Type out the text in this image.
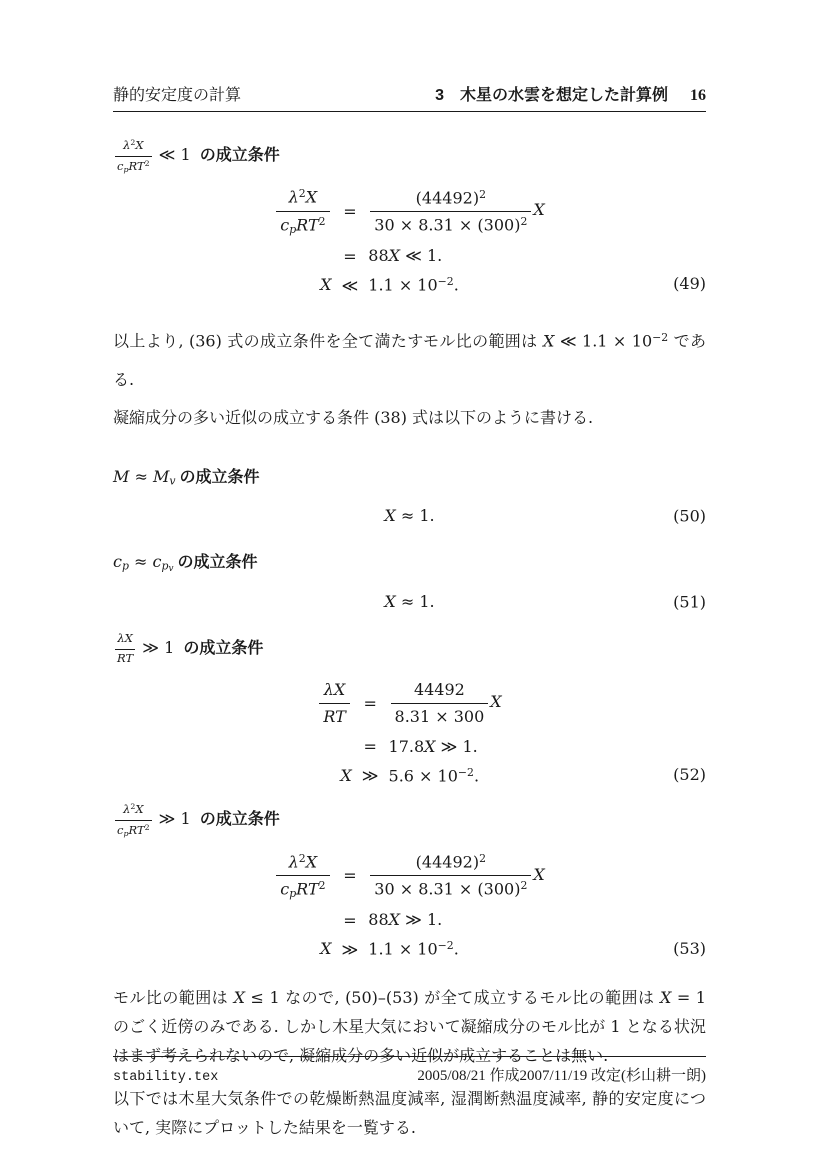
静的安定度の計算	3　木星の水雲を想定した計算例 16
$\frac{\lambda^2X}{c_pRT^2}$ ≪ 1 の成立条件
$\frac{\lambda^2X}{c_pRT^2} = \frac{(44492)^2}{30 \times 8.31 \times (300)^2}$ X
= 88X ≪ 1.
X ≪ $1.1 \times 10^{-2}$.	(49)
以上より, (36) 式の成立条件を全て満たすモル比の範囲は X ≪ $1.1 \times 10^{-2}$ である.
凝縮成分の多い近似の成立する条件 (38) 式は以下のように書ける.
$M \approx M_v$ の成立条件
X ≈ 1.	(50)
$c_p \approx c_{pv}$ の成立条件
X ≈ 1.	(51)
$\frac{\lambda X}{RT}$ ≫ 1 の成立条件
$\frac{\lambda X}{RT} = \frac{44492}{8.31 \times 300}$ X
= 17.8X ≫ 1.
X ≫ $5.6 \times 10^{-2}$.	(52)
$\frac{\lambda^2X}{c_pRT^2}$ ≫ 1 の成立条件
$\frac{\lambda^2X}{c_pRT^2} = \frac{(44492)^2}{30 \times 8.31 \times (300)^2}$ X
= 88X ≫ 1.
X ≫ $1.1 \times 10^{-2}$.	(53)
モル比の範囲は X ≤ 1 なので, (50)–(53) が全て成立するモル比の範囲は X = 1 のごく近傍のみである. しかし木星大気において凝縮成分のモル比が 1 となる状況はまず考えられないので, 凝縮成分の多い近似が成立することは無い.
以下では木星大気条件での乾燥断熱温度減率, 湿潤断熱温度減率, 静的安定度について, 実際にプロットした結果を一覧する.
stability.tex	2005/08/21 作成2007/11/19 改定(杉山耕一朗)
